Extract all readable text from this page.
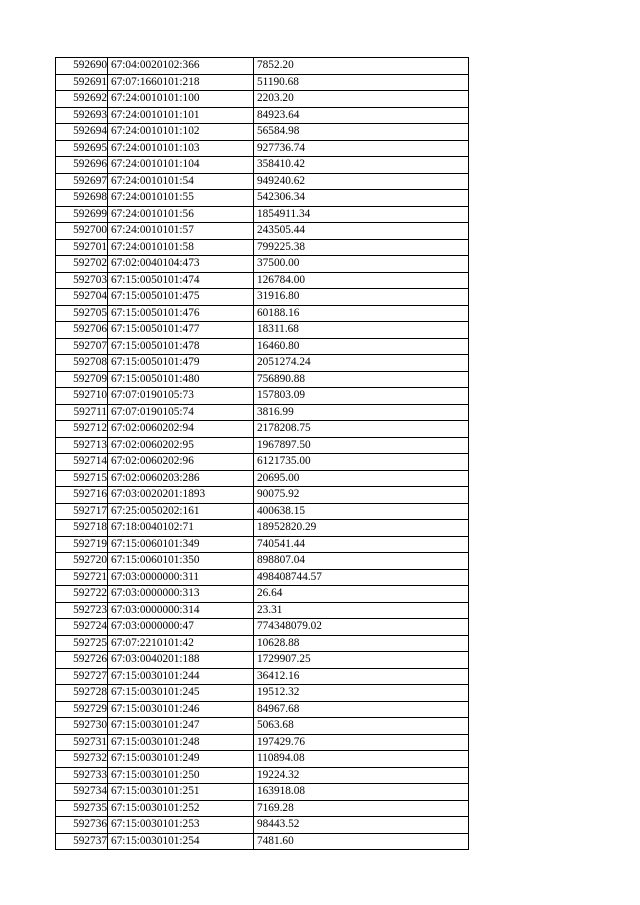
592690	67:04:0020102:366	7852.20
592691	67:07:1660101:218	51190.68
592692	67:24:0010101:100	2203.20
592693	67:24:0010101:101	84923.64
592694	67:24:0010101:102	56584.98
592695	67:24:0010101:103	927736.74
592696	67:24:0010101:104	358410.42
592697	67:24:0010101:54	949240.62
592698	67:24:0010101:55	542306.34
592699	67:24:0010101:56	1854911.34
592700	67:24:0010101:57	243505.44
592701	67:24:0010101:58	799225.38
592702	67:02:0040104:473	37500.00
592703	67:15:0050101:474	126784.00
592704	67:15:0050101:475	31916.80
592705	67:15:0050101:476	60188.16
592706	67:15:0050101:477	18311.68
592707	67:15:0050101:478	16460.80
592708	67:15:0050101:479	2051274.24
592709	67:15:0050101:480	756890.88
592710	67:07:0190105:73	157803.09
592711	67:07:0190105:74	3816.99
592712	67:02:0060202:94	2178208.75
592713	67:02:0060202:95	1967897.50
592714	67:02:0060202:96	6121735.00
592715	67:02:0060203:286	20695.00
592716	67:03:0020201:1893	90075.92
592717	67:25:0050202:161	400638.15
592718	67:18:0040102:71	18952820.29
592719	67:15:0060101:349	740541.44
592720	67:15:0060101:350	898807.04
592721	67:03:0000000:311	498408744.57
592722	67:03:0000000:313	26.64
592723	67:03:0000000:314	23.31
592724	67:03:0000000:47	774348079.02
592725	67:07:2210101:42	10628.88
592726	67:03:0040201:188	1729907.25
592727	67:15:0030101:244	36412.16
592728	67:15:0030101:245	19512.32
592729	67:15:0030101:246	84967.68
592730	67:15:0030101:247	5063.68
592731	67:15:0030101:248	197429.76
592732	67:15:0030101:249	110894.08
592733	67:15:0030101:250	19224.32
592734	67:15:0030101:251	163918.08
592735	67:15:0030101:252	7169.28
592736	67:15:0030101:253	98443.52
592737	67:15:0030101:254	7481.60
